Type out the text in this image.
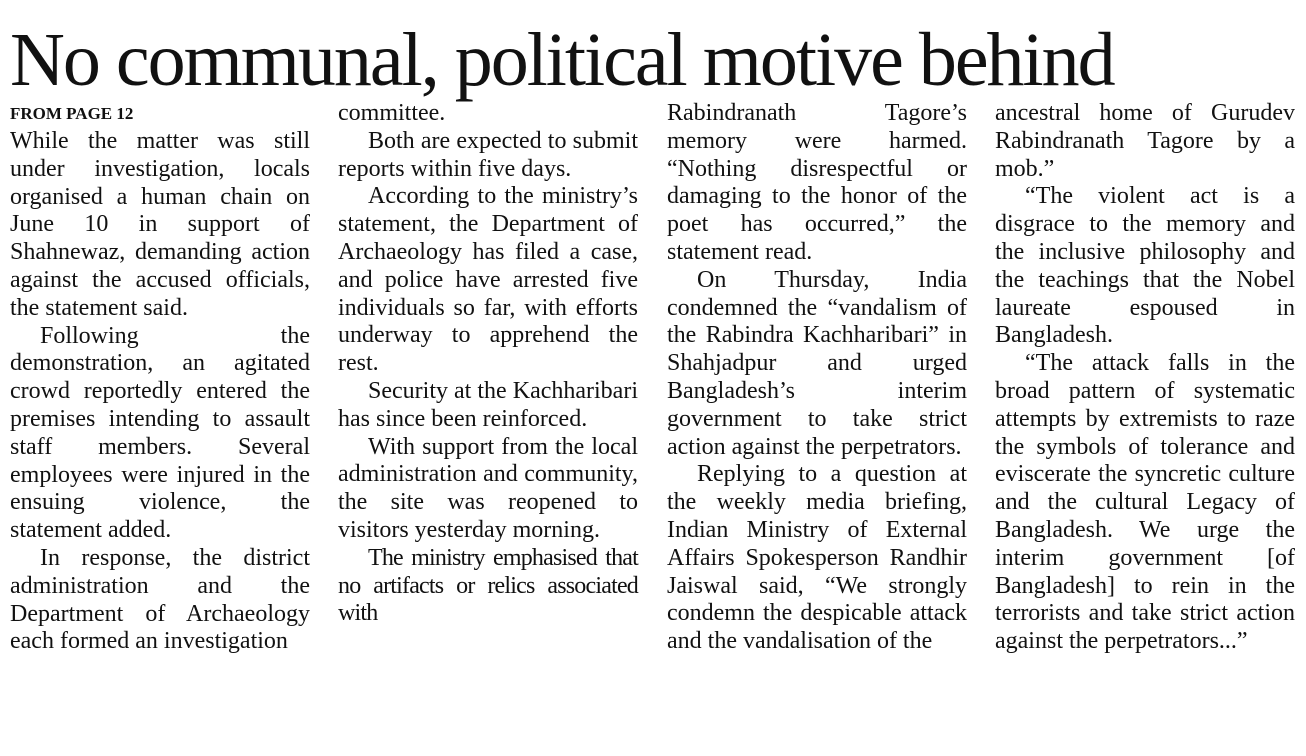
No communal, political motive behind
FROM PAGE 12

While the matter was still under investigation, locals organised a human chain on June 10 in support of Shahnewaz, demanding action against the accused officials, the statement said.

Following the demonstration, an agitated crowd reportedly entered the premises intending to assault staff members. Several employees were injured in the ensuing violence, the statement added.

In response, the district administration and the Department of Archaeology each formed an investigation

committee.

Both are expected to submit reports within five days.

According to the ministry’s statement, the Department of Archaeology has filed a case, and police have arrested five individuals so far, with efforts underway to apprehend the rest.

Security at the Kachharibari has since been reinforced.

With support from the local administration and community, the site was reopened to visitors yesterday morning.

The ministry emphasised that no artifacts or relics associated with

Rabindranath Tagore’s memory were harmed. “Nothing disrespectful or damaging to the honor of the poet has occurred,” the statement read.

On Thursday, India condemned the “vandalism of the Rabindra Kachharibari” in Shahjadpur and urged Bangladesh’s interim government to take strict action against the perpetrators.

Replying to a question at the weekly media briefing, Indian Ministry of External Affairs Spokesperson Randhir Jaiswal said, “We strongly condemn the despicable attack and the vandalisation of the

ancestral home of Gurudev Rabindranath Tagore by a mob.”

“The violent act is a disgrace to the memory and the inclusive philosophy and the teachings that the Nobel laureate espoused in Bangladesh.

“The attack falls in the broad pattern of systematic attempts by extremists to raze the symbols of tolerance and eviscerate the syncretic culture and the cultural Legacy of Bangladesh. We urge the interim government [of Bangladesh] to rein in the terrorists and take strict action against the perpetrators...”
